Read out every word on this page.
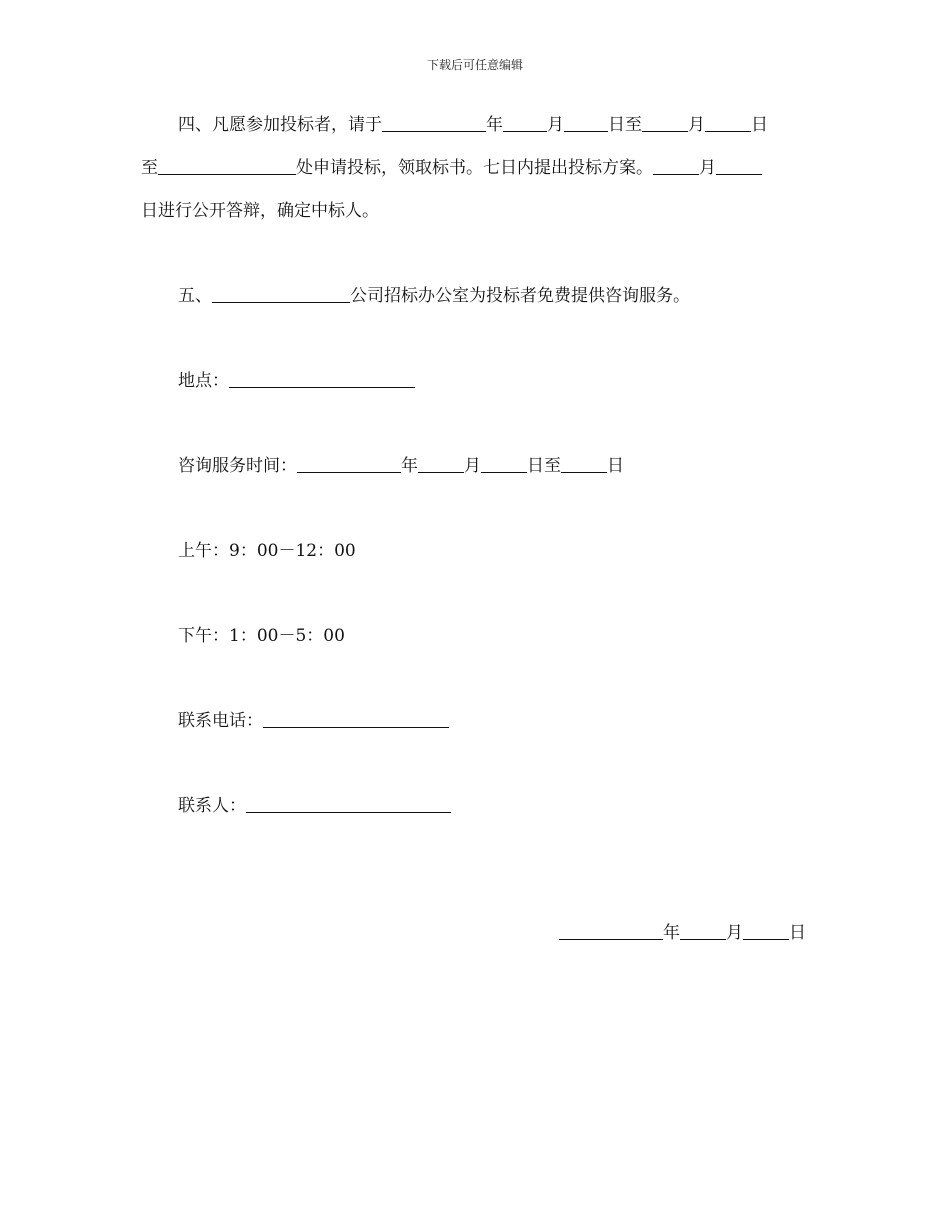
下载后可任意编辑
四、凡愿参加投标者，请于	年	月	日至	月	日
至	处申请投标，领取标书。七日内提出投标方案。	月
日进行公开答辩，确定中标人。
五、	公司招标办公室为投标者免费提供咨询服务。
地点：
咨询服务时间：	年	月	日至	日
上午：9：00－12：00
下午：1：00－5：00
联系电话：
联系人：
年	月	日
